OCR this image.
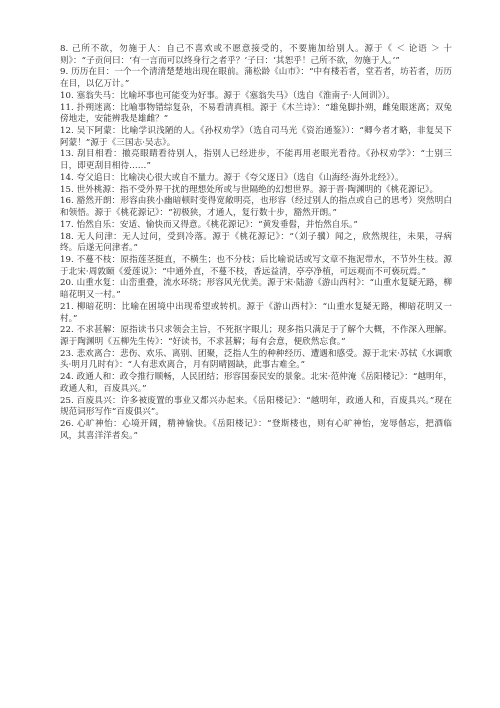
8. 己所不欲，勿施于人：自己不喜欢或不愿意接受的，不要施加给别人。源于《 ＜ 论语 ＞ 十则》：“子贡问曰：‘有一言而可以终身行之者乎？’子曰：‘其恕乎！己所不欲，勿施于人。’”

9. 历历在目：一个一个清清楚楚地出现在眼前。蒲松龄《山市》：“中有楼若者，堂若者，坊若者，历历在目，以亿万计。”

10. 塞翁失马：比喻坏事也可能变为好事。源于《塞翁失马》（选自《淮南子·人间训》）。

11. 扑朔迷离：比喻事物错综复杂，不易看清真相。源于《木兰诗》：“雄兔脚扑朔，雌兔眼迷离；双兔傍地走，安能辨我是雄雌？”

12. 吴下阿蒙：比喻学识浅陋的人。《孙权劝学》（选自司马光《资治通鉴》）：“卿今者才略，非复吴下阿蒙！”源于《三国志·吴志》。

13. 刮目相看：撤亮眼睛看待别人，指别人已经进步，不能再用老眼光看待。《孙权劝学》：“士别三日，即更刮目相待……”

14. 夸父追日：比喻决心很大或自不量力。源于《夸父逐日》（选自《山海经·海外北经》）。

15. 世外桃源：指不受外界干扰的理想处所或与世隔绝的幻想世界。源于晋·陶渊明的《桃花源记》。

16. 豁然开朗：形容由狭小幽暗顿时变得宽敞明亮，也形容（经过别人的指点或自己的思考）突然明白和领悟。源于《桃花源记》：“初极狭，才通人，复行数十步，豁然开朗。”

17. 怡然自乐：安适、愉快而又得意。《桃花源记》：“黄发垂髫，并怡然自乐。”

18. 无人问津：无人过问，受到冷落。源于《桃花源记》：“（刘子骥）闻之，欣然规往，未果，寻病终。后遂无问津者。”

19. 不蔓不枝：原指莲茎挺直，不横生；也不分枝；后比喻说话或写文章不拖泥带水，不节外生枝。源于北宋·周敦颐《爱莲说》：“中通外直，不蔓不枝，香远益清，亭亭净植，可远观而不可亵玩焉。”

20. 山重水复：山峦重叠，流水环绕；形容风光优美。源于宋·陆游《游山西村》：“山重水复疑无路，柳暗花明又一村。”

21. 柳暗花明：比喻在困境中出现希望或转机。源于《游山西村》：“山重水复疑无路，柳暗花明又一村。”

22. 不求甚解：原指读书只求领会主旨，不死抠字眼儿；现多指只满足于了解个大概，不作深入理解。源于陶渊明《五柳先生传》：“好读书，不求甚解；每有会意，便欣然忘食。”

23. 悲欢离合：悲伤、欢乐、离别、团聚，泛指人生的种种经历、遭遇和感受。源于北宋·苏轼《水调歌头·明月几时有》：“人有悲欢离合，月有阴晴圆缺，此事古难全。”

24. 政通人和：政令推行顺畅，人民团结；形容国泰民安的景象。北宋·范仲淹《岳阳楼记》：“越明年，政通人和，百废具兴。”

25. 百废具兴：许多被废置的事业又都兴办起来。《岳阳楼记》：“越明年，政通人和，百废具兴。”现在规范词形写作“百废俱兴”。

26. 心旷神怡：心境开阔，精神愉快。《岳阳楼记》：“登斯楼也，则有心旷神怡，宠辱偕忘，把酒临风，其喜洋洋者矣。”
